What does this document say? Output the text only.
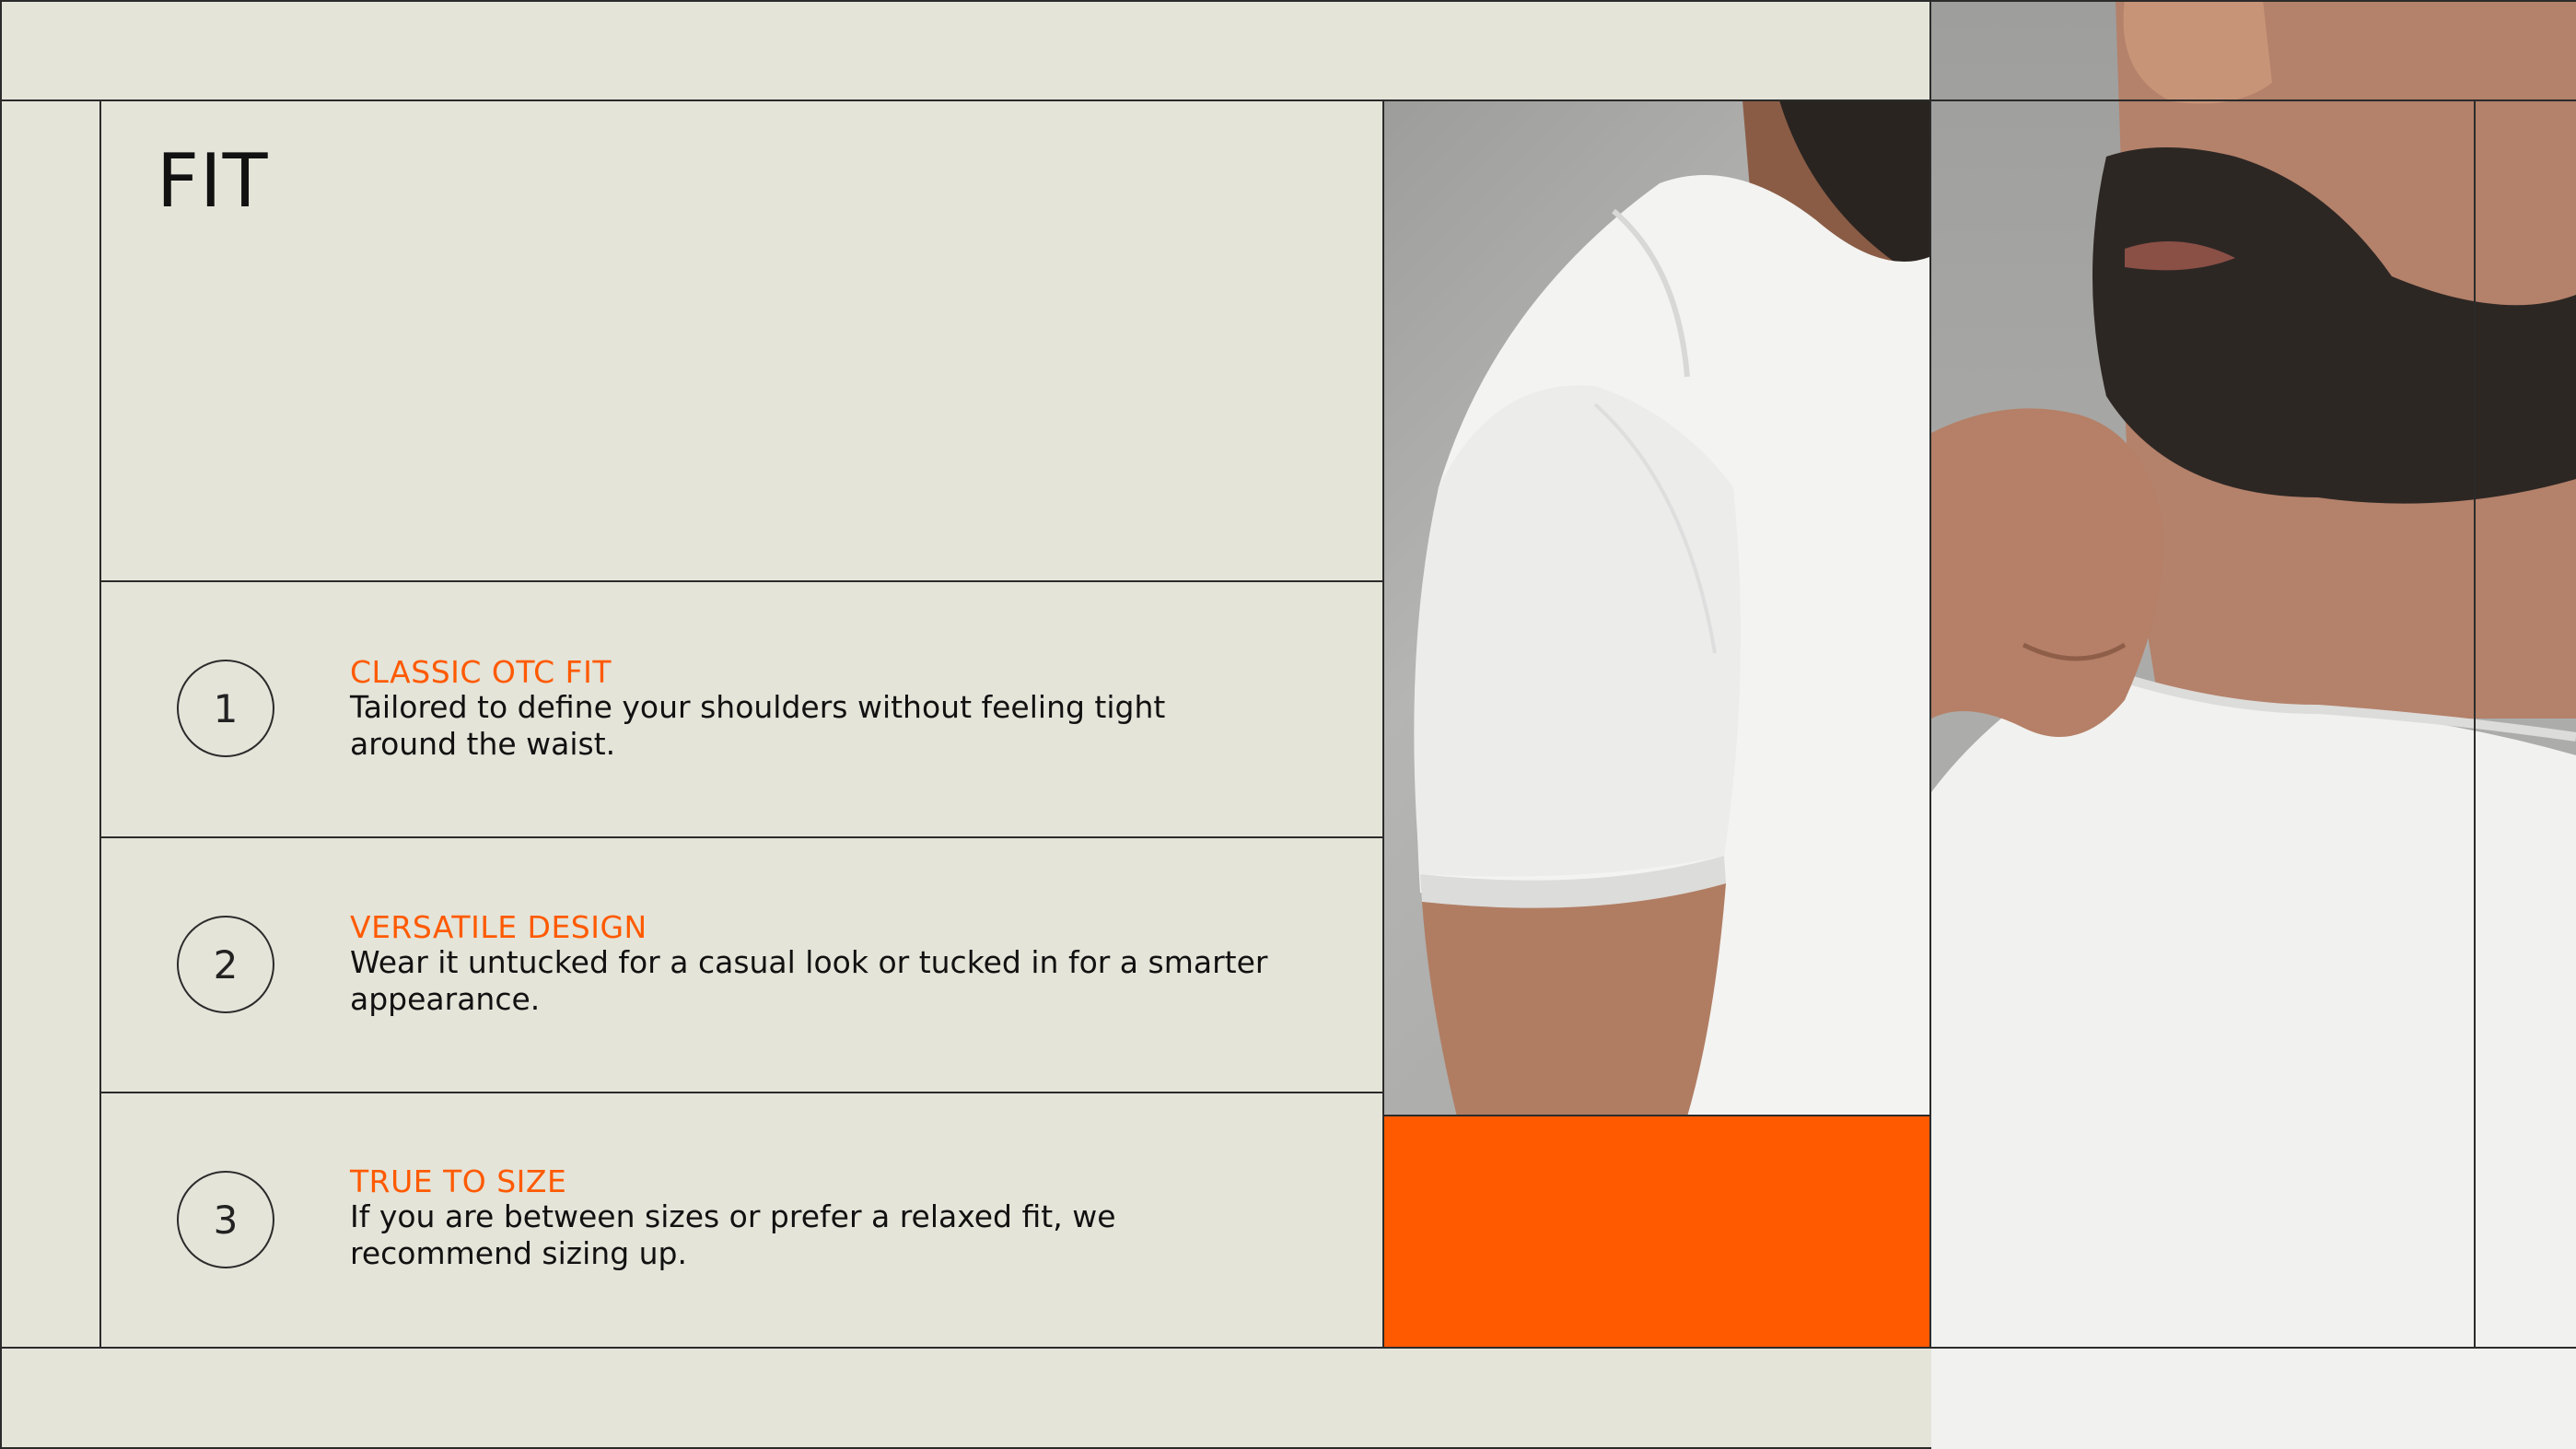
FIT
1
CLASSIC OTC FIT
Tailored to define your shoulders without feeling tight around the waist.
2
VERSATILE DESIGN
Wear it untucked for a casual look or tucked in for a smarter appearance.
3
TRUE TO SIZE
If you are between sizes or prefer a relaxed fit, we recommend sizing up.
